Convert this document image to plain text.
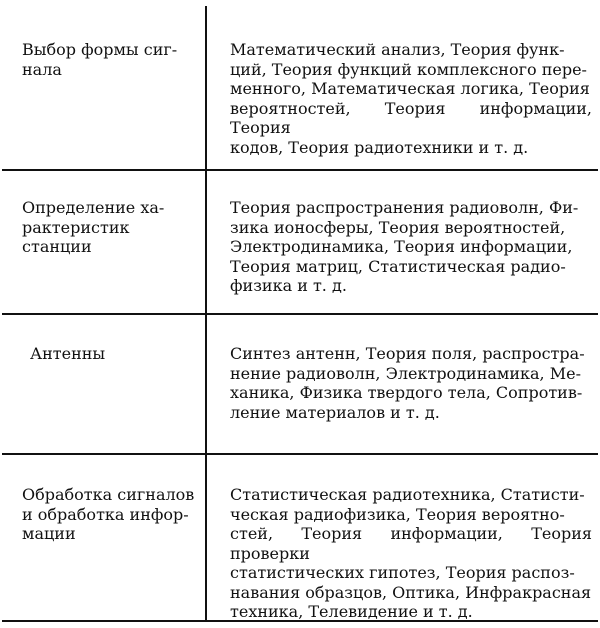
Выбор формы сиг-
нала
Математический анализ, Теория функ-
ций, Теория функций комплексного пере-
менного, Математическая логика, Теория
вероятностей, Теория информации, Теория
кодов, Теория радиотехники и т. д.
Определение ха-
рактеристик станции
Теория распространения радиоволн, Фи-
зика ионосферы, Теория вероятностей,
Электродинамика, Теория информации,
Теория матриц, Статистическая радио-
физика и т. д.
Антенны	Синтез антенн, Теория поля, распростра-
нение радиоволн, Электродинамика, Ме-
ханика, Физика твердого тела, Сопротив-
ление материалов и т. д.
Обработка сигналов
и обработка инфор-
мации
Статистическая радиотехника, Статисти-
ческая радиофизика, Теория вероятно-
стей, Теория информации, Теория проверки
статистических гипотез, Теория распоз-
навания образцов, Оптика, Инфракрасная
техника, Телевидение и т. д.
